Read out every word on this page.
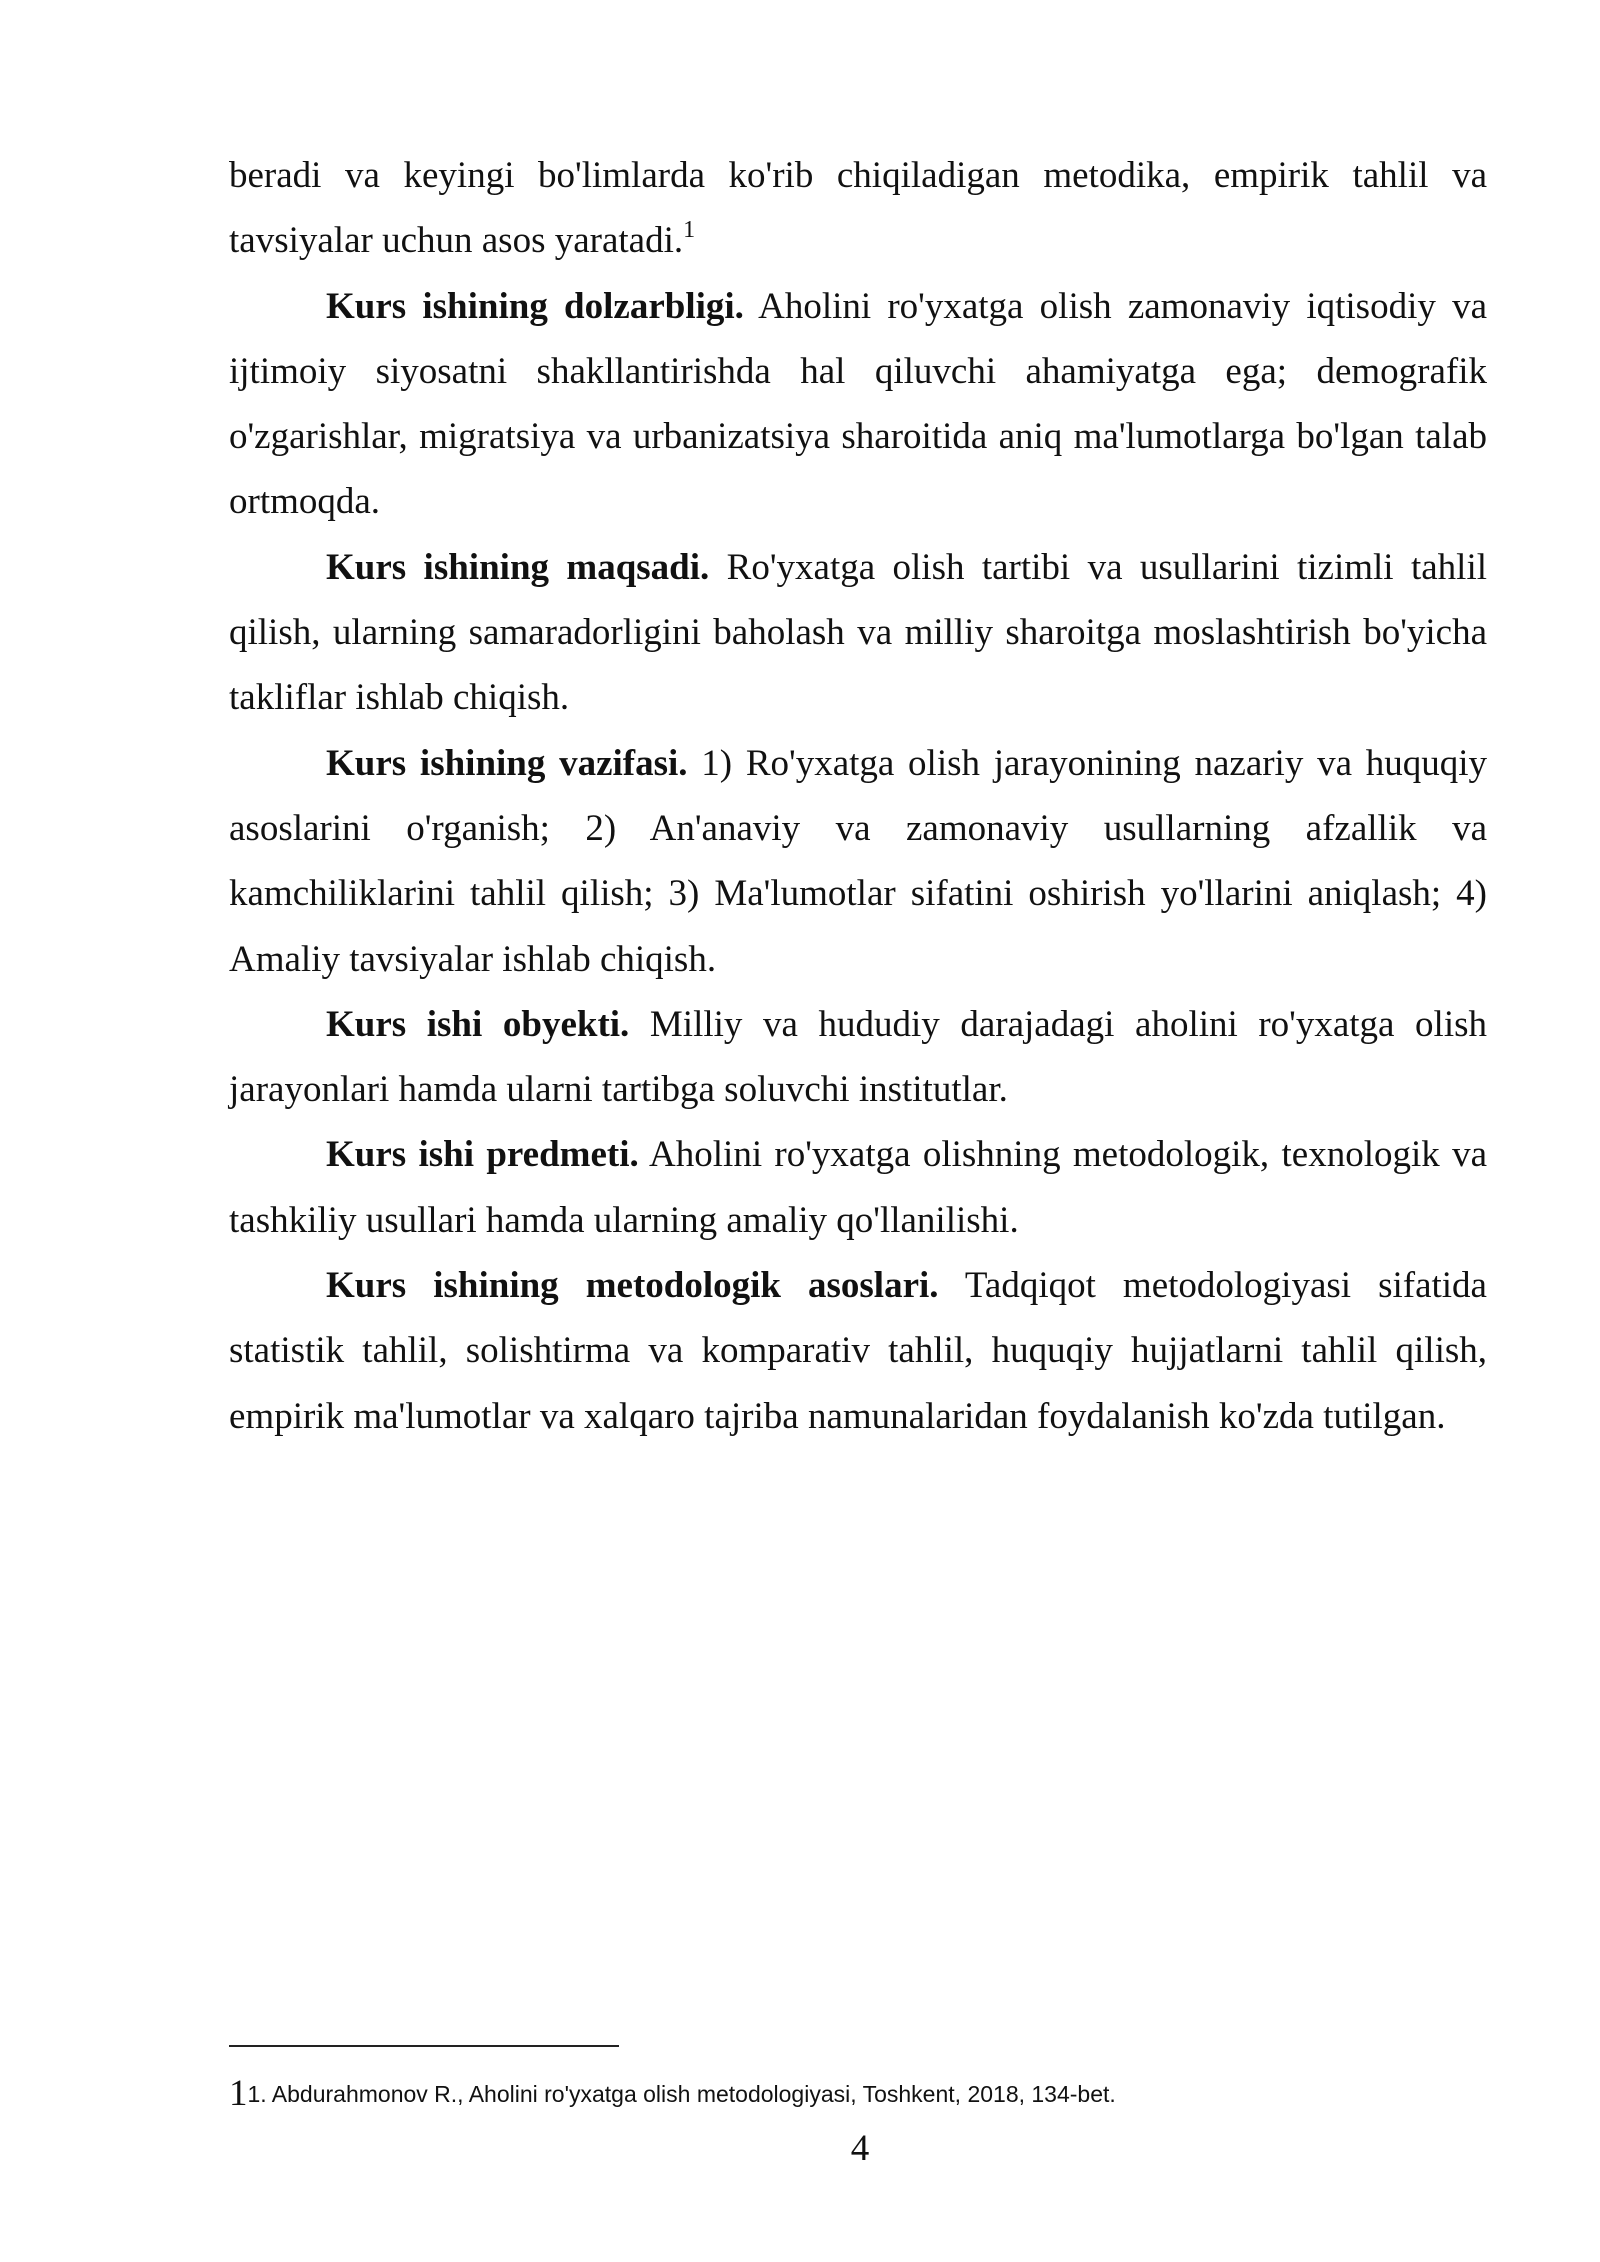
beradi va keyingi bo'limlarda ko'rib chiqiladigan metodika, empirik tahlil va tavsiyalar uchun asos yaratadi.$^1$

Kurs ishining dolzarbligi. Aholini ro'yxatga olish zamonaviy iqtisodiy va ijtimoiy siyosatni shakllantirishda hal qiluvchi ahamiyatga ega; demografik o'zgarishlar, migratsiya va urbanizatsiya sharoitida aniq ma'lumotlarga bo'lgan talab ortmoqda.

Kurs ishining maqsadi. Ro'yxatga olish tartibi va usullarini tizimli tahlil qilish, ularning samaradorligini baholash va milliy sharoitga moslashtirish bo'yicha takliflar ishlab chiqish.

Kurs ishining vazifasi. 1) Ro'yxatga olish jarayonining nazariy va huquqiy asoslarini o'rganish; 2) An'anaviy va zamonaviy usullarning afzallik va kamchiliklarini tahlil qilish; 3) Ma'lumotlar sifatini oshirish yo'llarini aniqlash; 4) Amaliy tavsiyalar ishlab chiqish.

Kurs ishi obyekti. Milliy va hududiy darajadagi aholini ro'yxatga olish jarayonlari hamda ularni tartibga soluvchi institutlar.

Kurs ishi predmeti. Aholini ro'yxatga olishning metodologik, texnologik va tashkiliy usullari hamda ularning amaliy qo'llanilishi.

Kurs ishining metodologik asoslari. Tadqiqot metodologiyasi sifatida statistik tahlil, solishtirma va komparativ tahlil, huquqiy hujjatlarni tahlil qilish, empirik ma'lumotlar va xalqaro tajriba namunalaridan foydalanish ko'zda tutilgan.

11. Abdurahmonov R., Aholini ro'yxatga olish metodologiyasi, Toshkent, 2018, 134-bet.
4
